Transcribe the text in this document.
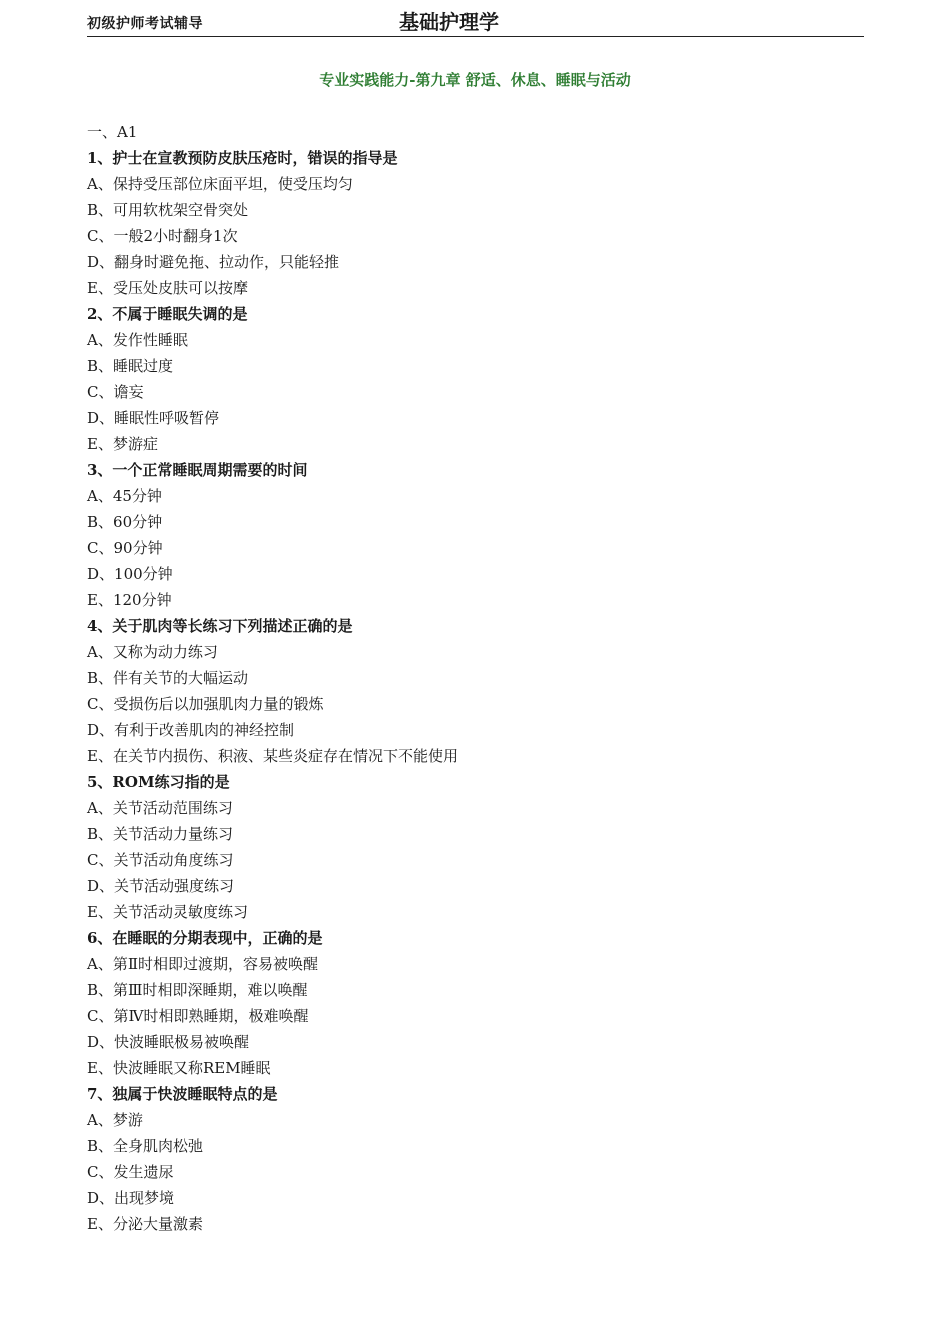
初级护师考试辅导	基础护理学
专业实践能力-第九章 舒适、休息、睡眠与活动
一、A1
1、护士在宣教预防皮肤压疮时，错误的指导是
A、保持受压部位床面平坦，使受压均匀
B、可用软枕架空骨突处
C、一般2小时翻身1次
D、翻身时避免拖、拉动作，只能轻推
E、受压处皮肤可以按摩
2、不属于睡眠失调的是
A、发作性睡眠
B、睡眠过度
C、谵妄
D、睡眠性呼吸暂停
E、梦游症
3、一个正常睡眠周期需要的时间
A、45分钟
B、60分钟
C、90分钟
D、100分钟
E、120分钟
4、关于肌肉等长练习下列描述正确的是
A、又称为动力练习
B、伴有关节的大幅运动
C、受损伤后以加强肌肉力量的锻炼
D、有利于改善肌肉的神经控制
E、在关节内损伤、积液、某些炎症存在情况下不能使用
5、ROM练习指的是
A、关节活动范围练习
B、关节活动力量练习
C、关节活动角度练习
D、关节活动强度练习
E、关节活动灵敏度练习
6、在睡眠的分期表现中，正确的是
A、第Ⅱ时相即过渡期，容易被唤醒
B、第Ⅲ时相即深睡期，难以唤醒
C、第Ⅳ时相即熟睡期，极难唤醒
D、快波睡眠极易被唤醒
E、快波睡眠又称REM睡眠
7、独属于快波睡眠特点的是
A、梦游
B、全身肌肉松弛
C、发生遗尿
D、出现梦境
E、分泌大量激素
